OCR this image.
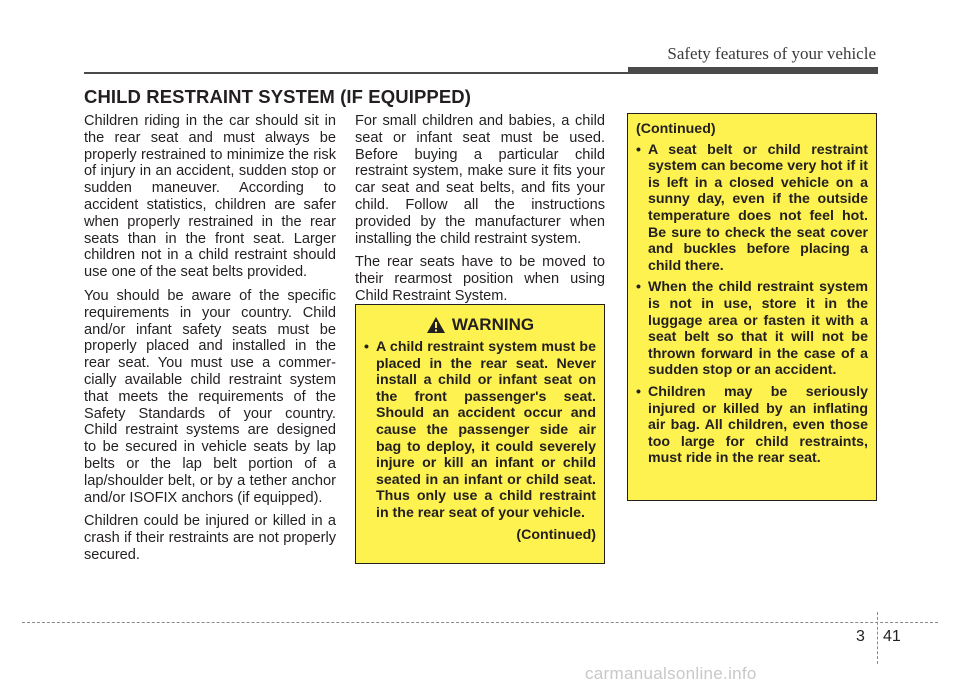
Safety features of your vehicle
CHILD RESTRAINT SYSTEM (IF EQUIPPED)

Children riding in the car should sit in the rear seat and must always be properly restrained to minimize the risk of injury in an accident, sudden stop or sudden maneuver. According to accident statistics, children are safer when properly restrained in the rear seats than in the front seat. Larger children not in a child restraint should use one of the seat belts provided.

You should be aware of the specific requirements in your country. Child and/or infant safety seats must be properly placed and installed in the rear seat. You must use a commercially available child restraint system that meets the requirements of the Safety Standards of your country. Child restraint systems are designed to be secured in vehicle seats by lap belts or the lap belt portion of a lap/shoulder belt, or by a tether anchor and/or ISOFIX anchors (if equipped).

Children could be injured or killed in a crash if their restraints are not properly secured.

For small children and babies, a child seat or infant seat must be used. Before buying a particular child restraint system, make sure it fits your car seat and seat belts, and fits your child. Follow all the instructions provided by the manufacturer when installing the child restraint system.

The rear seats have to be moved to their rearmost position when using Child Restraint System.

WARNING
• A child restraint system must be placed in the rear seat. Never install a child or infant seat on the front passenger's seat. Should an accident occur and cause the passenger side air bag to deploy, it could severely injure or kill an infant or child seated in an infant or child seat. Thus only use a child restraint in the rear seat of your vehicle.
(Continued)
(Continued)
• A seat belt or child restraint system can become very hot if it is left in a closed vehicle on a sunny day, even if the outside temperature does not feel hot. Be sure to check the seat cover and buckles before placing a child there.
• When the child restraint system is not in use, store it in the luggage area or fasten it with a seat belt so that it will not be thrown forward in the case of a sudden stop or an accident.
• Children may be seriously injured or killed by an inflating air bag. All children, even those too large for child restraints, must ride in the rear seat.
3 41
carmanualsonline.info
